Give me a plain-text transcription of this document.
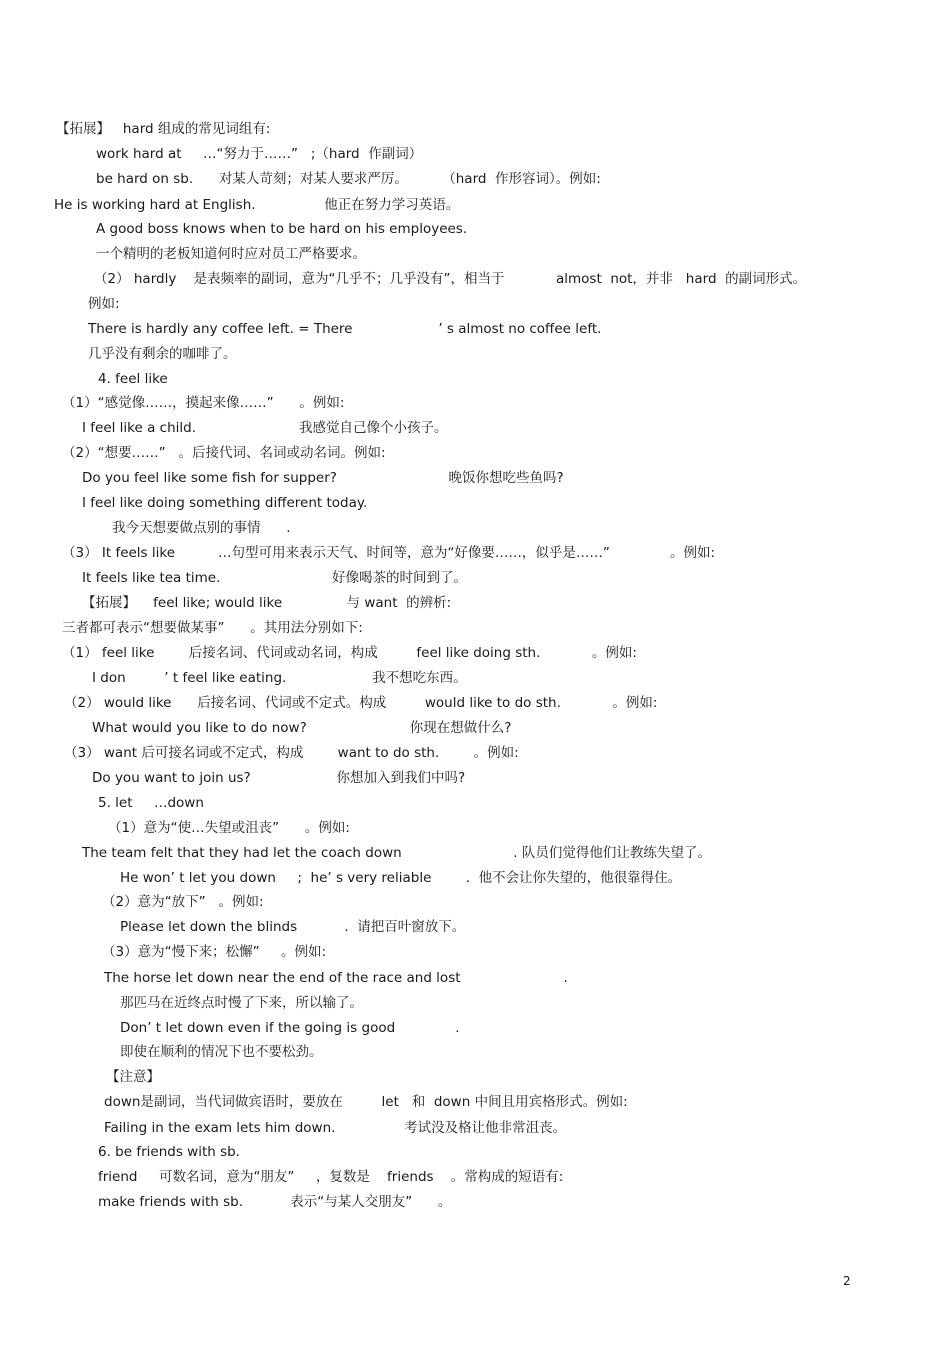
【拓展】   hard 组成的常见词组有:
work hard at     …“努力于……”   ;（hard  作副词）
be hard on sb.      对某人苛刻；对某人要求严厉。        （hard  作形容词）。例如:
He is working hard at English.                他正在努力学习英语。
A good boss knows when to be hard on his employees.
一个精明的老板知道何时应对员工严格要求。
（2） hardly    是表频率的副词，意为“几乎不；几乎没有”，相当于            almost  not，并非   hard  的副词形式。
例如:
There is hardly any coffee left. = There                    ’ s almost no coffee left.
几乎没有剩余的咖啡了。
4. feel like
（1）“感觉像……，摸起来像……”      。例如:
I feel like a child.                        我感觉自己像个小孩子。
（2）“想要……”   。后接代词、名词或动名词。例如:
Do you feel like some fish for supper?                          晚饭你想吃些鱼吗?
I feel like doing something different today.
我今天想要做点别的事情      .
（3） It feels like          …句型可用来表示天气、时间等，意为“好像要……，似乎是……”              。例如:
It feels like tea time.                          好像喝茶的时间到了。
【拓展】    feel like; would like               与 want  的辨析:
三者都可表示“想要做某事”      。其用法分别如下:
（1） feel like        后接名词、代词或动名词，构成         feel like doing sth.            。例如:
I don         ’ t feel like eating.                    我不想吃东西。
（2） would like      后接名词、代词或不定式。构成         would like to do sth.            。例如:
What would you like to do now?                        你现在想做什么?
（3） want 后可接名词或不定式，构成        want to do sth.        。例如:
Do you want to join us?                    你想加入到我们中吗?
5. let     …down
（1）意为“使…失望或沮丧”      。例如:
The team felt that they had let the coach down                          . 队员们觉得他们让教练失望了。
He won’ t let you down     ;  he’ s very reliable        .  他不会让你失望的，他很靠得住。
（2）意为“放下”   。例如:
Please let down the blinds           .  请把百叶窗放下。
（3）意为“慢下来；松懈”     。例如:
The horse let down near the end of the race and lost                        .
那匹马在近终点时慢了下来，所以输了。
Don’ t let down even if the going is good              .
即使在顺利的情况下也不要松劲。
【注意】
down是副词，当代词做宾语时，要放在         let   和  down 中间且用宾格形式。例如:
Failing in the exam lets him down.                考试没及格让他非常沮丧。
6. be friends with sb.
friend     可数名词，意为“朋友”     ，复数是    friends    。常构成的短语有:
make friends with sb.           表示“与某人交朋友”      。
2
